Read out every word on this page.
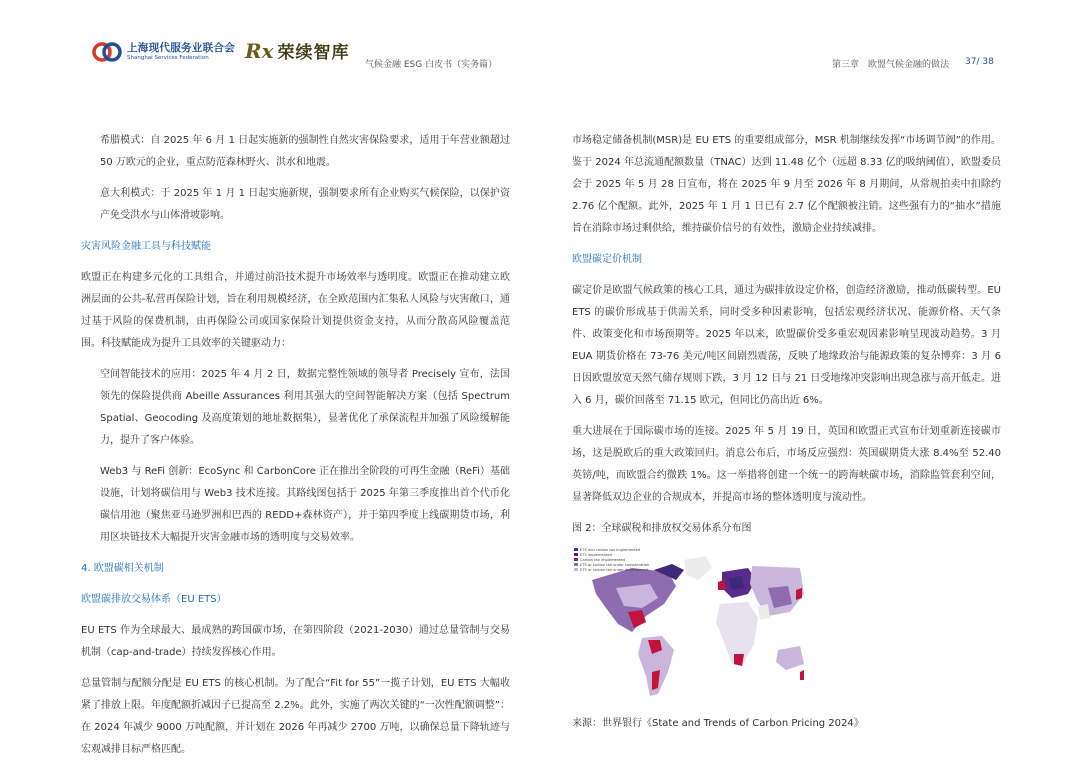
上海现代服务业联合会
Shanghai Services Federation	Rx 荣续智库
气候金融 ESG 白皮书（实务篇）	第三章　欧盟气候金融的做法 37/ 38

希腊模式：自 2025 年 6 月 1 日起实施新的强制性自然灾害保险要求，适用于年营业额超过 50 万欧元的企业，重点防范森林野火、洪水和地震。

意大利模式：于 2025 年 1 月 1 日起实施新规，强制要求所有企业购买气候保险，以保护资产免受洪水与山体滑坡影响。

灾害风险金融工具与科技赋能

欧盟正在构建多元化的工具组合，并通过前沿技术提升市场效率与透明度。欧盟正在推动建立欧洲层面的公共-私营再保险计划，旨在利用规模经济，在全欧范围内汇集私人风险与灾害敞口，通过基于风险的保费机制，由再保险公司或国家保险计划提供资金支持，从而分散高风险覆盖范围。科技赋能成为提升工具效率的关键驱动力：

空间智能技术的应用：2025 年 4 月 2 日，数据完整性领域的领导者 Precisely 宣布，法国领先的保险提供商 Abeille Assurances 利用其强大的空间智能解决方案（包括 Spectrum Spatial、Geocoding 及高度策划的地址数据集），显著优化了承保流程并加强了风险缓解能力，提升了客户体验。

Web3 与 ReFi 创新：EcoSync 和 CarbonCore 正在推出全阶段的可再生金融（ReFi）基础设施，计划将碳信用与 Web3 技术连接。其路线图包括于 2025 年第三季度推出首个代币化碳信用池（聚焦亚马逊罗洲和巴西的 REDD+森林资产），并于第四季度上线碳期货市场，利用区块链技术大幅提升灾害金融市场的透明度与交易效率。

4. 欧盟碳相关机制

欧盟碳排放交易体系（EU ETS）

EU ETS 作为全球最大、最成熟的跨国碳市场，在第四阶段（2021-2030）通过总量管制与交易机制（cap-and-trade）持续发挥核心作用。

总量管制与配额分配是 EU ETS 的核心机制。为了配合“Fit for 55”一揽子计划，EU ETS 大幅收紧了排放上限。年度配额折减因子已提高至 2.2%。此外，实施了两次关键的“一次性配额调整”：在 2024 年减少 9000 万吨配额，并计划在 2026 年再减少 2700 万吨，以确保总量下降轨迹与宏观减排目标严格匹配。

市场稳定储备机制(MSR)是 EU ETS 的重要组成部分，MSR 机制继续发挥“市场调节阀”的作用。鉴于 2024 年总流通配额数量（TNAC）达到 11.48 亿个（远超 8.33 亿的吸纳阈值），欧盟委员会于 2025 年 5 月 28 日宣布，将在 2025 年 9 月至 2026 年 8 月期间，从常规拍卖中扣除约 2.76 亿个配额。此外，2025 年 1 月 1 日已有 2.7 亿个配额被注销。这些强有力的“抽水”措施旨在消除市场过剩供给，维持碳价信号的有效性，激励企业持续减排。

欧盟碳定价机制

碳定价是欧盟气候政策的核心工具，通过为碳排放设定价格，创造经济激励，推动低碳转型。EU ETS 的碳价形成基于供需关系，同时受多种因素影响，包括宏观经济状况、能源价格、天气条件、政策变化和市场预期等。2025 年以来，欧盟碳价受多重宏观因素影响呈现波动趋势。3 月 EUA 期货价格在 73-76 美元/吨区间剧烈震荡，反映了地缘政治与能源政策的复杂博弈：3 月 6 日因欧盟放宽天然气储存规则下跌，3 月 12 日与 21 日受地缘冲突影响出现急涨与高开低走。进入 6 月，碳价回落至 71.15 欧元，但同比仍高出近 6%。

重大进展在于国际碳市场的连接。2025 年 5 月 19 日，英国和欧盟正式宣布计划重新连接碳市场，这是脱欧后的重大政策回归。消息公布后，市场反应强烈：英国碳期货大涨 8.4%至 52.40 英镑/吨，而欧盟合约微跌 1%。这一举措将创建一个统一的跨海峡碳市场，消除监管套利空间，显著降低双边企业的合规成本，并提高市场的整体透明度与流动性。

图 2：全球碳税和排放权交易体系分布图
ETS and carbon tax implemented
ETS implemented
Carbon tax implemented
ETS or carbon tax under consideration
ETS or carbon tax under development
来源：世界银行《State and Trends of Carbon Pricing 2024》
